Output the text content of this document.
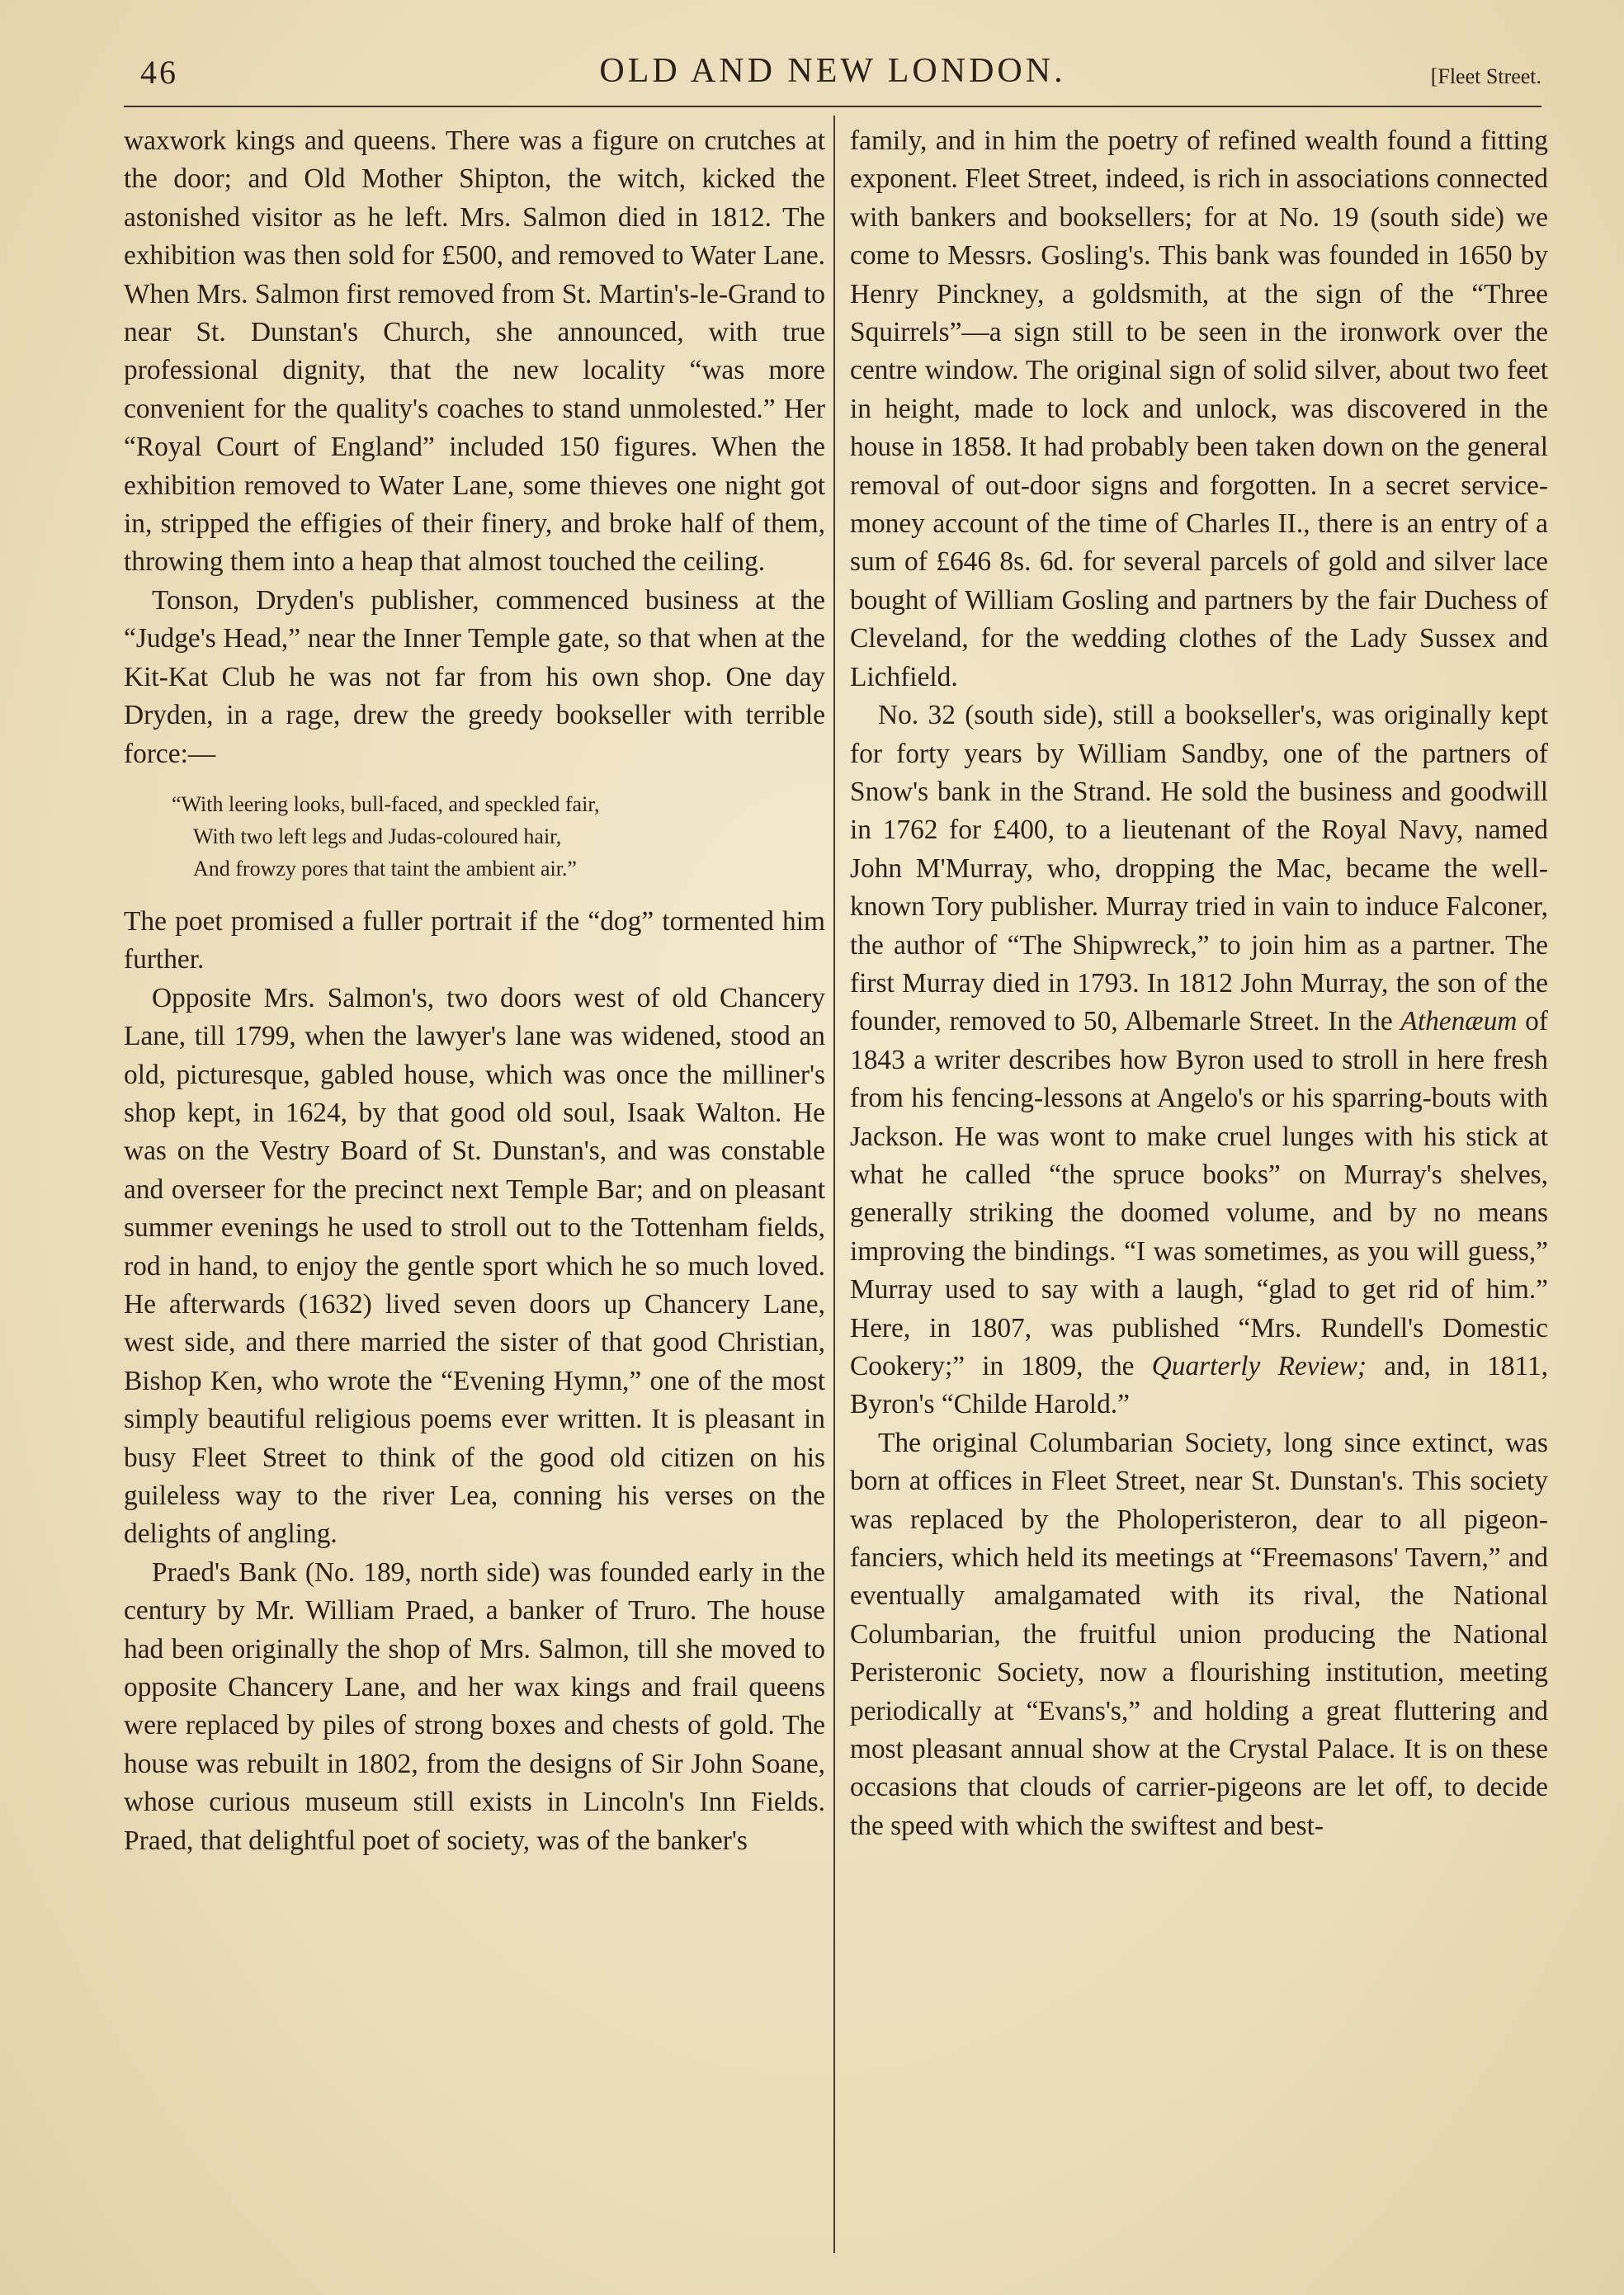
46	OLD AND NEW LONDON.	[Fleet Street.

waxwork kings and queens. There was a figure on crutches at the door; and Old Mother Shipton, the witch, kicked the astonished visitor as he left. Mrs. Salmon died in 1812. The exhibition was then sold for £500, and removed to Water Lane. When Mrs. Salmon first removed from St. Martin's-le-Grand to near St. Dunstan's Church, she announced, with true professional dignity, that the new locality “was more convenient for the quality's coaches to stand unmolested.” Her “Royal Court of England” included 150 figures. When the exhibition removed to Water Lane, some thieves one night got in, stripped the effigies of their finery, and broke half of them, throwing them into a heap that almost touched the ceiling.

Tonson, Dryden's publisher, commenced business at the “Judge's Head,” near the Inner Temple gate, so that when at the Kit-Kat Club he was not far from his own shop. One day Dryden, in a rage, drew the greedy bookseller with terrible force:—

“With leering looks, bull-faced, and speckled fair,
With two left legs and Judas-coloured hair,
And frowzy pores that taint the ambient air.”

The poet promised a fuller portrait if the “dog” tormented him further.

Opposite Mrs. Salmon's, two doors west of old Chancery Lane, till 1799, when the lawyer's lane was widened, stood an old, picturesque, gabled house, which was once the milliner's shop kept, in 1624, by that good old soul, Isaak Walton. He was on the Vestry Board of St. Dunstan's, and was constable and overseer for the precinct next Temple Bar; and on pleasant summer evenings he used to stroll out to the Tottenham fields, rod in hand, to enjoy the gentle sport which he so much loved. He afterwards (1632) lived seven doors up Chancery Lane, west side, and there married the sister of that good Christian, Bishop Ken, who wrote the “Evening Hymn,” one of the most simply beautiful religious poems ever written. It is pleasant in busy Fleet Street to think of the good old citizen on his guileless way to the river Lea, conning his verses on the delights of angling.

Praed's Bank (No. 189, north side) was founded early in the century by Mr. William Praed, a banker of Truro. The house had been originally the shop of Mrs. Salmon, till she moved to opposite Chancery Lane, and her wax kings and frail queens were replaced by piles of strong boxes and chests of gold. The house was rebuilt in 1802, from the designs of Sir John Soane, whose curious museum still exists in Lincoln's Inn Fields. Praed, that delightful poet of society, was of the banker's

family, and in him the poetry of refined wealth found a fitting exponent. Fleet Street, indeed, is rich in associations connected with bankers and booksellers; for at No. 19 (south side) we come to Messrs. Gosling's. This bank was founded in 1650 by Henry Pinckney, a goldsmith, at the sign of the “Three Squirrels”—a sign still to be seen in the ironwork over the centre window. The original sign of solid silver, about two feet in height, made to lock and unlock, was discovered in the house in 1858. It had probably been taken down on the general removal of out-door signs and forgotten. In a secret service-money account of the time of Charles II., there is an entry of a sum of £646 8s. 6d. for several parcels of gold and silver lace bought of William Gosling and partners by the fair Duchess of Cleveland, for the wedding clothes of the Lady Sussex and Lichfield.

No. 32 (south side), still a bookseller's, was originally kept for forty years by William Sandby, one of the partners of Snow's bank in the Strand. He sold the business and goodwill in 1762 for £400, to a lieutenant of the Royal Navy, named John M'Murray, who, dropping the Mac, became the well-known Tory publisher. Murray tried in vain to induce Falconer, the author of “The Shipwreck,” to join him as a partner. The first Murray died in 1793. In 1812 John Murray, the son of the founder, removed to 50, Albemarle Street. In the Athenæum of 1843 a writer describes how Byron used to stroll in here fresh from his fencing-lessons at Angelo's or his sparring-bouts with Jackson. He was wont to make cruel lunges with his stick at what he called “the spruce books” on Murray's shelves, generally striking the doomed volume, and by no means improving the bindings. “I was sometimes, as you will guess,” Murray used to say with a laugh, “glad to get rid of him.” Here, in 1807, was published “Mrs. Rundell's Domestic Cookery;” in 1809, the Quarterly Review; and, in 1811, Byron's “Childe Harold.”

The original Columbarian Society, long since extinct, was born at offices in Fleet Street, near St. Dunstan's. This society was replaced by the Pholoperisteron, dear to all pigeon-fanciers, which held its meetings at “Freemasons' Tavern,” and eventually amalgamated with its rival, the National Columbarian, the fruitful union producing the National Peristeronic Society, now a flourishing institution, meeting periodically at “Evans's,” and holding a great fluttering and most pleasant annual show at the Crystal Palace. It is on these occasions that clouds of carrier-pigeons are let off, to decide the speed with which the swiftest and best-
